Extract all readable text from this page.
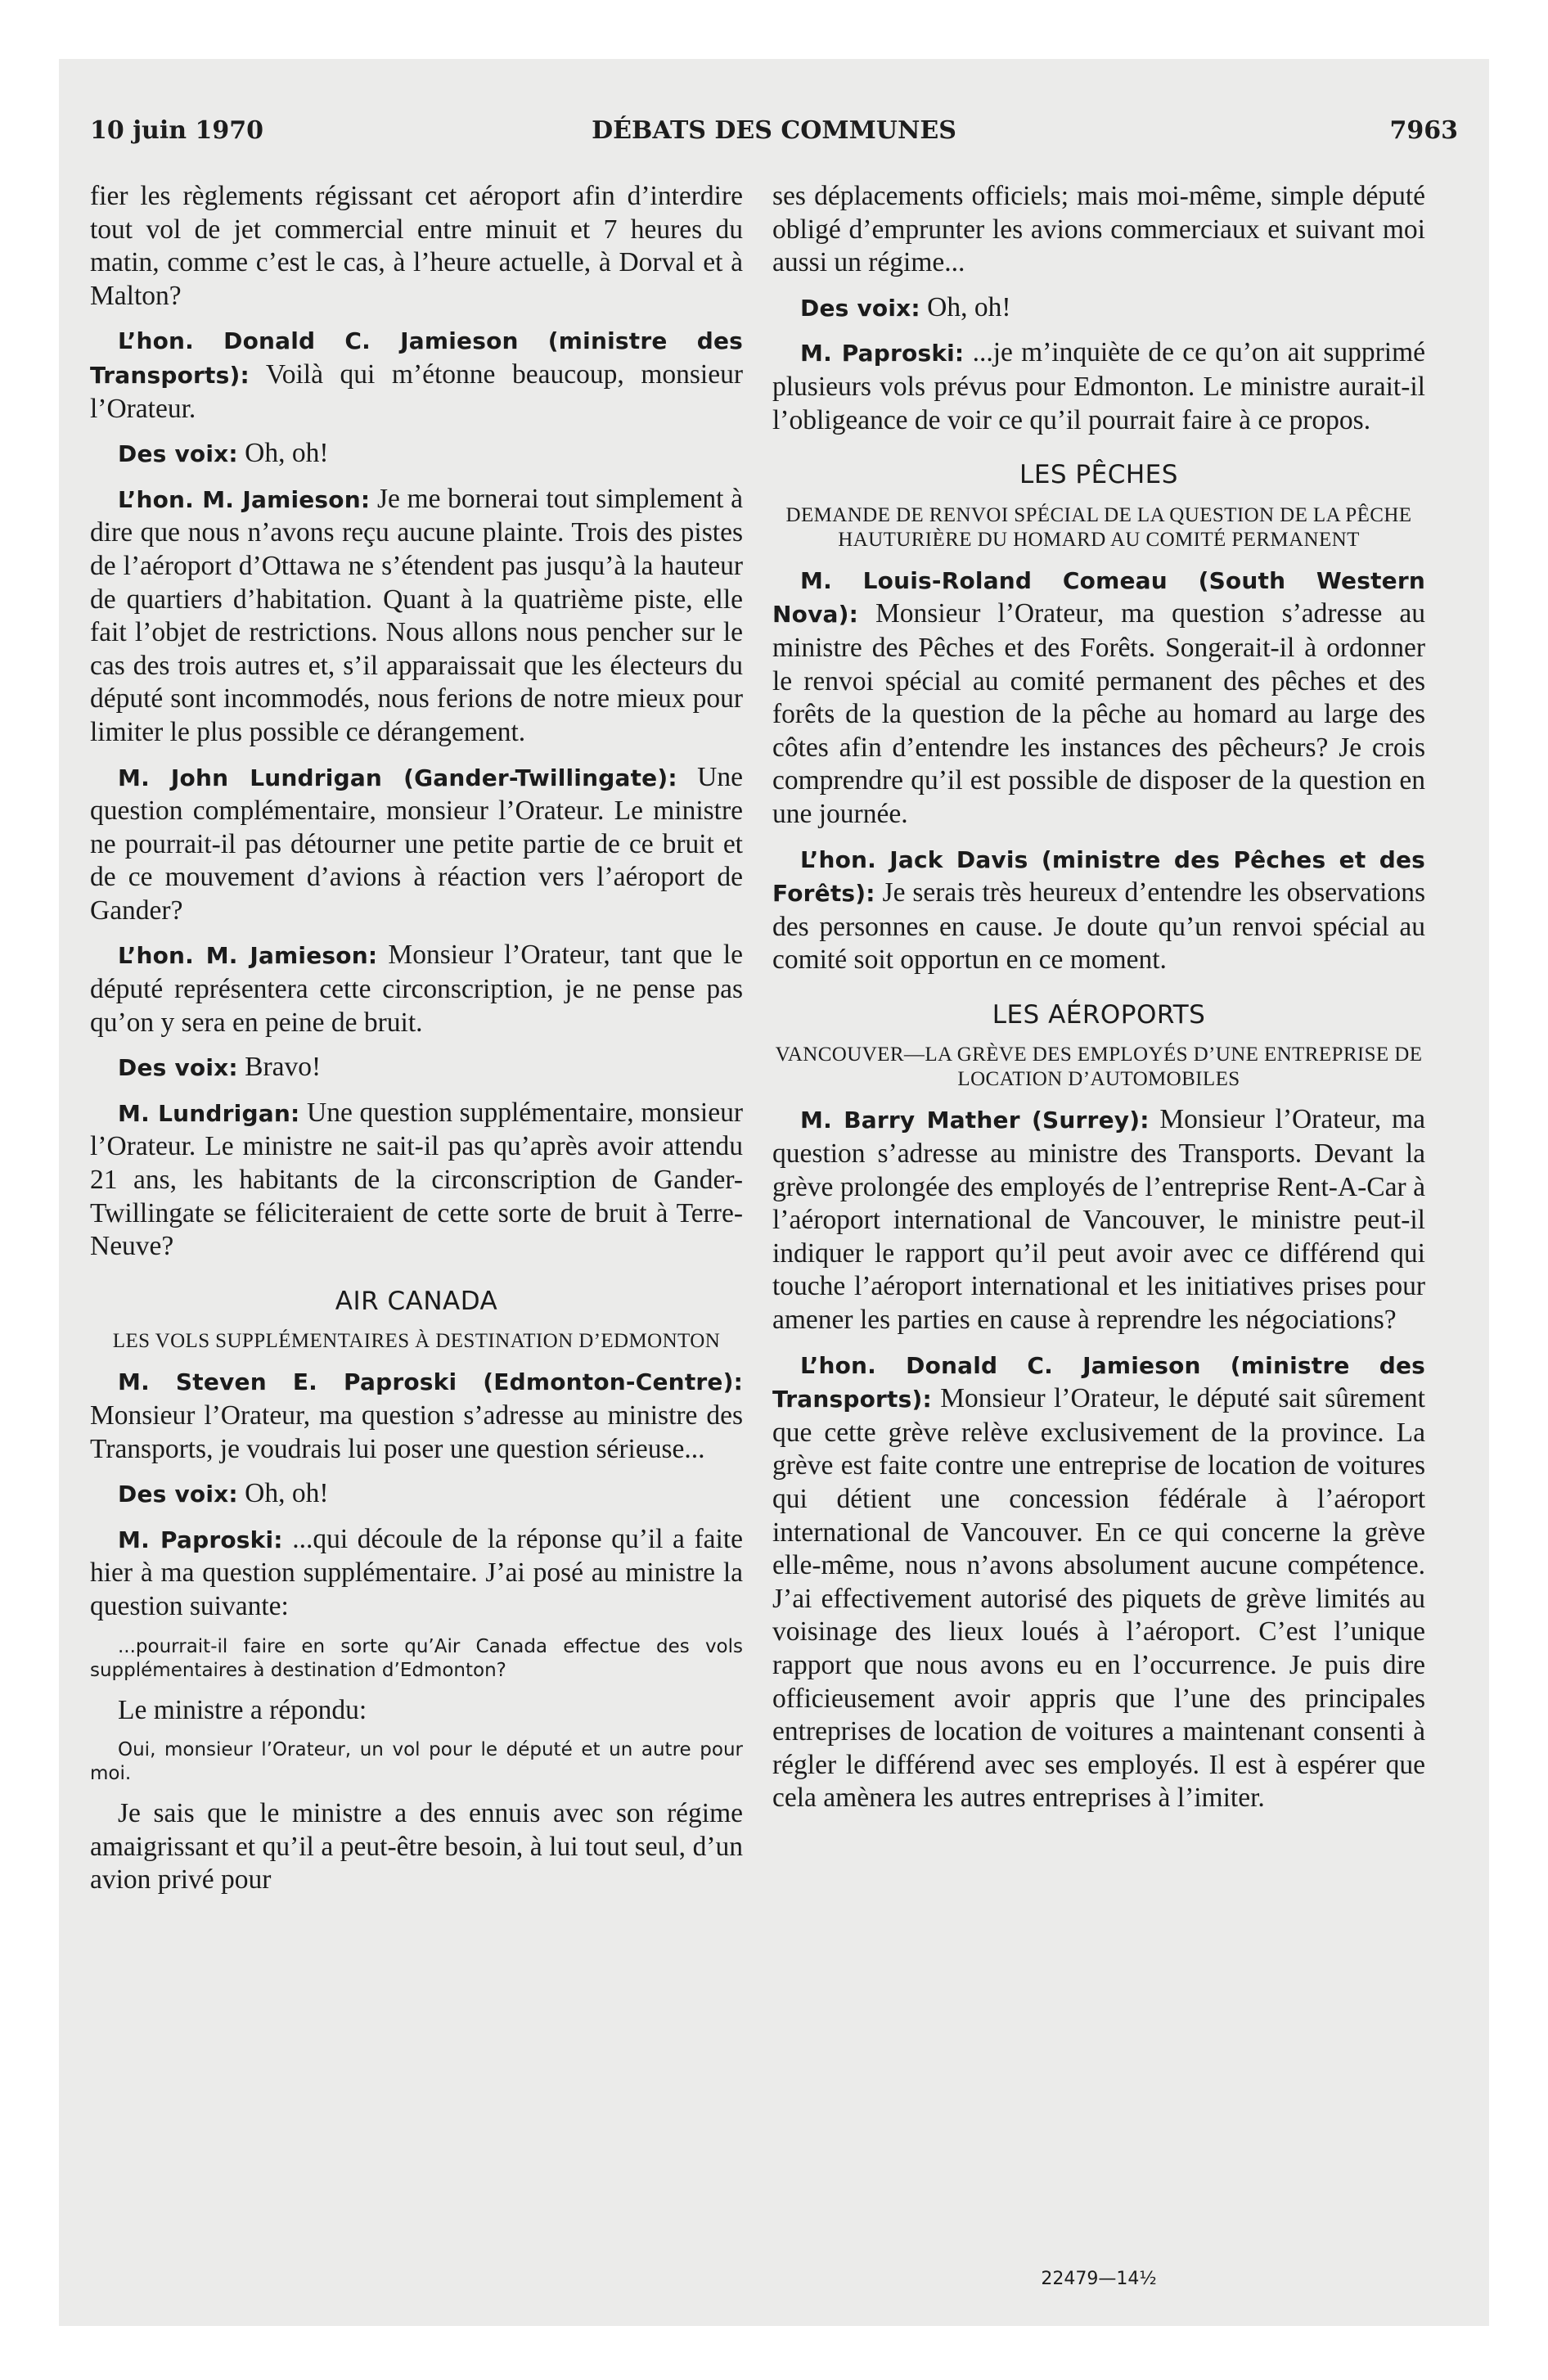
10 juin 1970	DÉBATS DES COMMUNES	7963

fier les règlements régissant cet aéroport afin d’interdire tout vol de jet commercial entre minuit et 7 heures du matin, comme c’est le cas, à l’heure actuelle, à Dorval et à Malton?

L’hon. Donald C. Jamieson (ministre des Transports): Voilà qui m’étonne beaucoup, monsieur l’Orateur.

Des voix: Oh, oh!

L’hon. M. Jamieson: Je me bornerai tout simplement à dire que nous n’avons reçu aucune plainte. Trois des pistes de l’aéroport d’Ottawa ne s’étendent pas jusqu’à la hauteur de quartiers d’habitation. Quant à la quatrième piste, elle fait l’objet de restrictions. Nous allons nous pencher sur le cas des trois autres et, s’il apparaissait que les électeurs du député sont incommodés, nous ferions de notre mieux pour limiter le plus possible ce dérangement.

M. John Lundrigan (Gander-Twillingate): Une question complémentaire, monsieur l’Orateur. Le ministre ne pourrait-il pas détourner une petite partie de ce bruit et de ce mouvement d’avions à réaction vers l’aéroport de Gander?

L’hon. M. Jamieson: Monsieur l’Orateur, tant que le député représentera cette circonscription, je ne pense pas qu’on y sera en peine de bruit.

Des voix: Bravo!

M. Lundrigan: Une question supplémentaire, monsieur l’Orateur. Le ministre ne sait-il pas qu’après avoir attendu 21 ans, les habitants de la circonscription de Gander-Twillingate se féliciteraient de cette sorte de bruit à Terre-Neuve?

AIR CANADA
LES VOLS SUPPLÉMENTAIRES À DESTINATION D’EDMONTON

M. Steven E. Paproski (Edmonton-Centre): Monsieur l’Orateur, ma question s’adresse au ministre des Transports, je voudrais lui poser une question sérieuse...

Des voix: Oh, oh!

M. Paproski: ...qui découle de la réponse qu’il a faite hier à ma question supplémentaire. J’ai posé au ministre la question suivante:

...pourrait-il faire en sorte qu’Air Canada effectue des vols supplémentaires à destination d’Edmonton?

Le ministre a répondu:

Oui, monsieur l’Orateur, un vol pour le député et un autre pour moi.

Je sais que le ministre a des ennuis avec son régime amaigrissant et qu’il a peut-être besoin, à lui tout seul, d’un avion privé pour

ses déplacements officiels; mais moi-même, simple député obligé d’emprunter les avions commerciaux et suivant moi aussi un régime...

Des voix: Oh, oh!

M. Paproski: ...je m’inquiète de ce qu’on ait supprimé plusieurs vols prévus pour Edmonton. Le ministre aurait-il l’obligeance de voir ce qu’il pourrait faire à ce propos.

LES PÊCHES
DEMANDE DE RENVOI SPÉCIAL DE LA QUESTION DE LA PÊCHE HAUTURIÈRE DU HOMARD AU COMITÉ PERMANENT

M. Louis-Roland Comeau (South Western Nova): Monsieur l’Orateur, ma question s’adresse au ministre des Pêches et des Forêts. Songerait-il à ordonner le renvoi spécial au comité permanent des pêches et des forêts de la question de la pêche au homard au large des côtes afin d’entendre les instances des pêcheurs? Je crois comprendre qu’il est possible de disposer de la question en une journée.

L’hon. Jack Davis (ministre des Pêches et des Forêts): Je serais très heureux d’entendre les observations des personnes en cause. Je doute qu’un renvoi spécial au comité soit opportun en ce moment.

LES AÉROPORTS
VANCOUVER—LA GRÈVE DES EMPLOYÉS D’UNE ENTREPRISE DE LOCATION D’AUTOMOBILES

M. Barry Mather (Surrey): Monsieur l’Orateur, ma question s’adresse au ministre des Transports. Devant la grève prolongée des employés de l’entreprise Rent-A-Car à l’aéroport international de Vancouver, le ministre peut-il indiquer le rapport qu’il peut avoir avec ce différend qui touche l’aéroport international et les initiatives prises pour amener les parties en cause à reprendre les négociations?

L’hon. Donald C. Jamieson (ministre des Transports): Monsieur l’Orateur, le député sait sûrement que cette grève relève exclusivement de la province. La grève est faite contre une entreprise de location de voitures qui détient une concession fédérale à l’aéroport international de Vancouver. En ce qui concerne la grève elle-même, nous n’avons absolument aucune compétence. J’ai effectivement autorisé des piquets de grève limités au voisinage des lieux loués à l’aéroport. C’est l’unique rapport que nous avons eu en l’occurrence. Je puis dire officieusement avoir appris que l’une des principales entreprises de location de voitures a maintenant consenti à régler le différend avec ses employés. Il est à espérer que cela amènera les autres entreprises à l’imiter.

22479—14½
